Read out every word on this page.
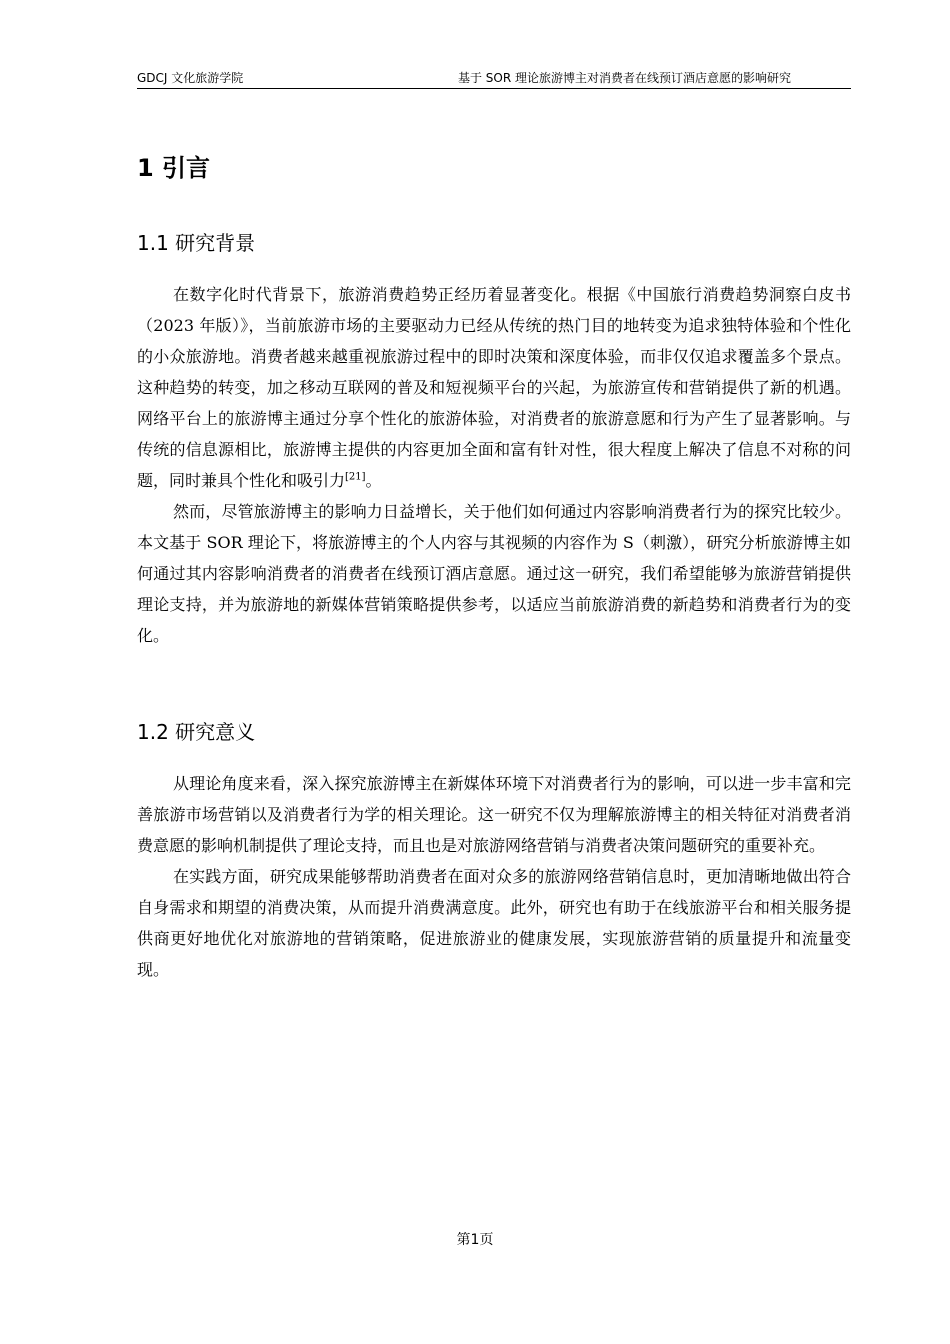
GDCJ 文化旅游学院	基于 SOR 理论旅游博主对消费者在线预订酒店意愿的影响研究
1 引言
1.1 研究背景

在数字化时代背景下，旅游消费趋势正经历着显著变化。根据《中国旅行消费趋势洞察白皮书（2023 年版）》，当前旅游市场的主要驱动力已经从传统的热门目的地转变为追求独特体验和个性化的小众旅游地。消费者越来越重视旅游过程中的即时决策和深度体验，而非仅仅追求覆盖多个景点。这种趋势的转变，加之移动互联网的普及和短视频平台的兴起，为旅游宣传和营销提供了新的机遇。网络平台上的旅游博主通过分享个性化的旅游体验，对消费者的旅游意愿和行为产生了显著影响。与传统的信息源相比，旅游博主提供的内容更加全面和富有针对性，很大程度上解决了信息不对称的问题，同时兼具个性化和吸引力[21]。

然而，尽管旅游博主的影响力日益增长，关于他们如何通过内容影响消费者行为的探究比较少。本文基于 SOR 理论下，将旅游博主的个人内容与其视频的内容作为 S（刺激），研究分析旅游博主如何通过其内容影响消费者的消费者在线预订酒店意愿。通过这一研究，我们希望能够为旅游营销提供理论支持，并为旅游地的新媒体营销策略提供参考，以适应当前旅游消费的新趋势和消费者行为的变化。

1.2 研究意义

从理论角度来看，深入探究旅游博主在新媒体环境下对消费者行为的影响，可以进一步丰富和完善旅游市场营销以及消费者行为学的相关理论。这一研究不仅为理解旅游博主的相关特征对消费者消费意愿的影响机制提供了理论支持，而且也是对旅游网络营销与消费者决策问题研究的重要补充。

在实践方面，研究成果能够帮助消费者在面对众多的旅游网络营销信息时，更加清晰地做出符合自身需求和期望的消费决策，从而提升消费满意度。此外，研究也有助于在线旅游平台和相关服务提供商更好地优化对旅游地的营销策略，促进旅游业的健康发展，实现旅游营销的质量提升和流量变现。

第1页
